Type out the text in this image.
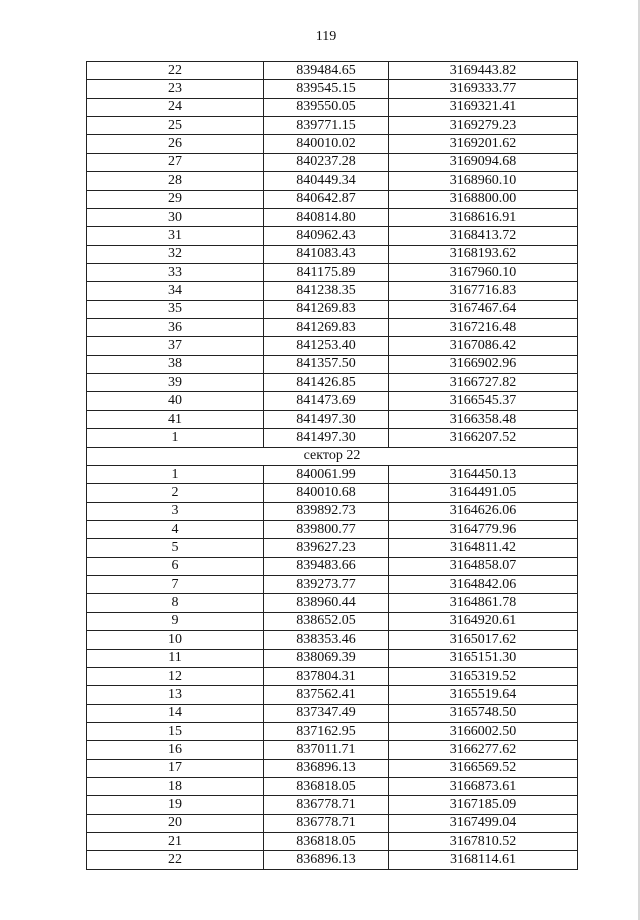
119
22	839484.65	3169443.82
23	839545.15	3169333.77
24	839550.05	3169321.41
25	839771.15	3169279.23
26	840010.02	3169201.62
27	840237.28	3169094.68
28	840449.34	3168960.10
29	840642.87	3168800.00
30	840814.80	3168616.91
31	840962.43	3168413.72
32	841083.43	3168193.62
33	841175.89	3167960.10
34	841238.35	3167716.83
35	841269.83	3167467.64
36	841269.83	3167216.48
37	841253.40	3167086.42
38	841357.50	3166902.96
39	841426.85	3166727.82
40	841473.69	3166545.37
41	841497.30	3166358.48
1	841497.30	3166207.52
сектор 22		
1	840061.99	3164450.13
2	840010.68	3164491.05
3	839892.73	3164626.06
4	839800.77	3164779.96
5	839627.23	3164811.42
6	839483.66	3164858.07
7	839273.77	3164842.06
8	838960.44	3164861.78
9	838652.05	3164920.61
10	838353.46	3165017.62
11	838069.39	3165151.30
12	837804.31	3165319.52
13	837562.41	3165519.64
14	837347.49	3165748.50
15	837162.95	3166002.50
16	837011.71	3166277.62
17	836896.13	3166569.52
18	836818.05	3166873.61
19	836778.71	3167185.09
20	836778.71	3167499.04
21	836818.05	3167810.52
22	836896.13	3168114.61
